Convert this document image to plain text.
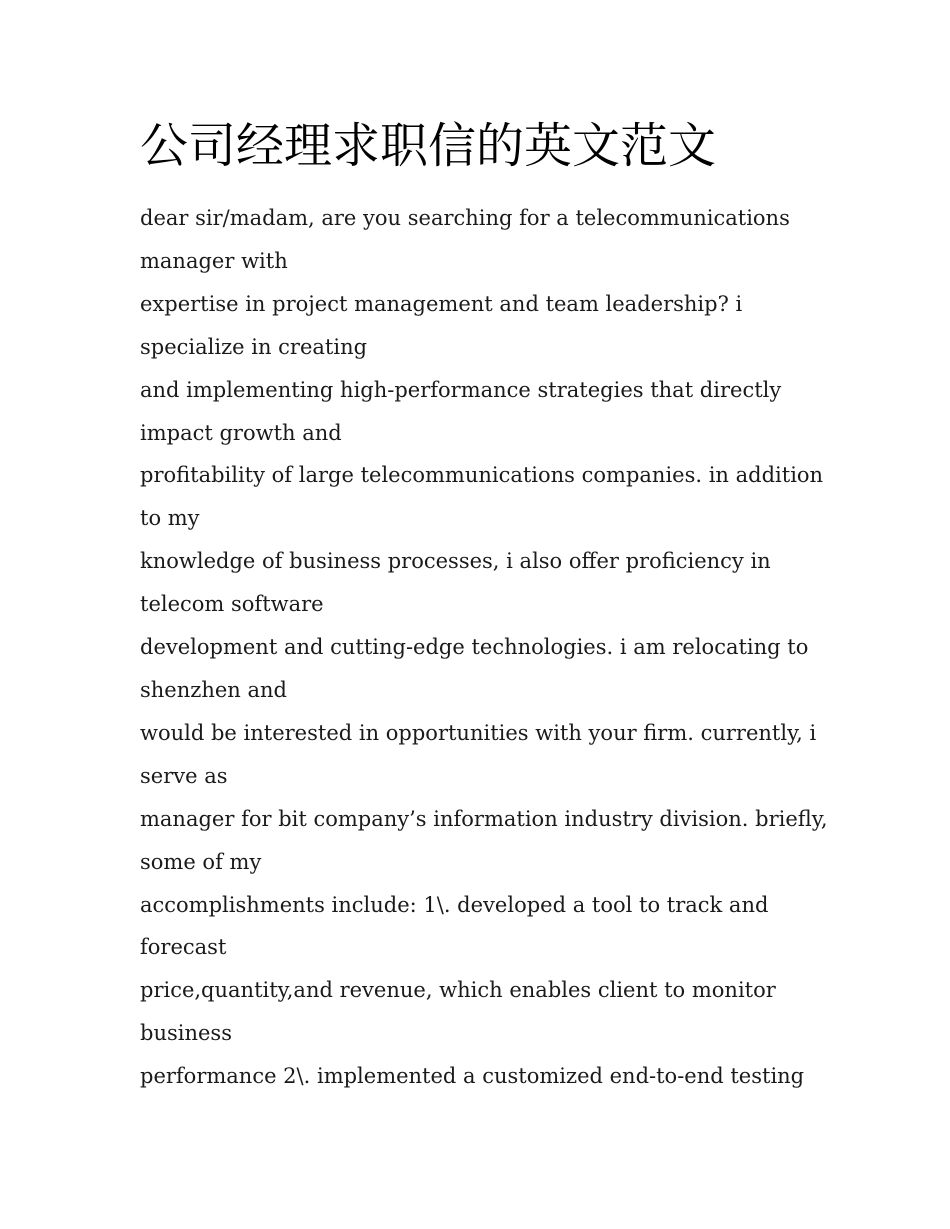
公司经理求职信的英文范文

dear sir/madam, are you searching for a telecommunications

manager with

expertise in project management and team leadership? i

specialize in creating

and implementing high-performance strategies that directly

impact growth and

profitability of large telecommunications companies. in addition

to my

knowledge of business processes, i also offer proficiency in

telecom software

development and cutting-edge technologies. i am relocating to

shenzhen and

would be interested in opportunities with your firm. currently, i

serve as

manager for bit company’s information industry division. briefly,

some of my

accomplishments include: 1\. developed a tool to track and

forecast

price,quantity,and revenue, which enables client to monitor

business

performance 2\. implemented a customized end-to-end testing
